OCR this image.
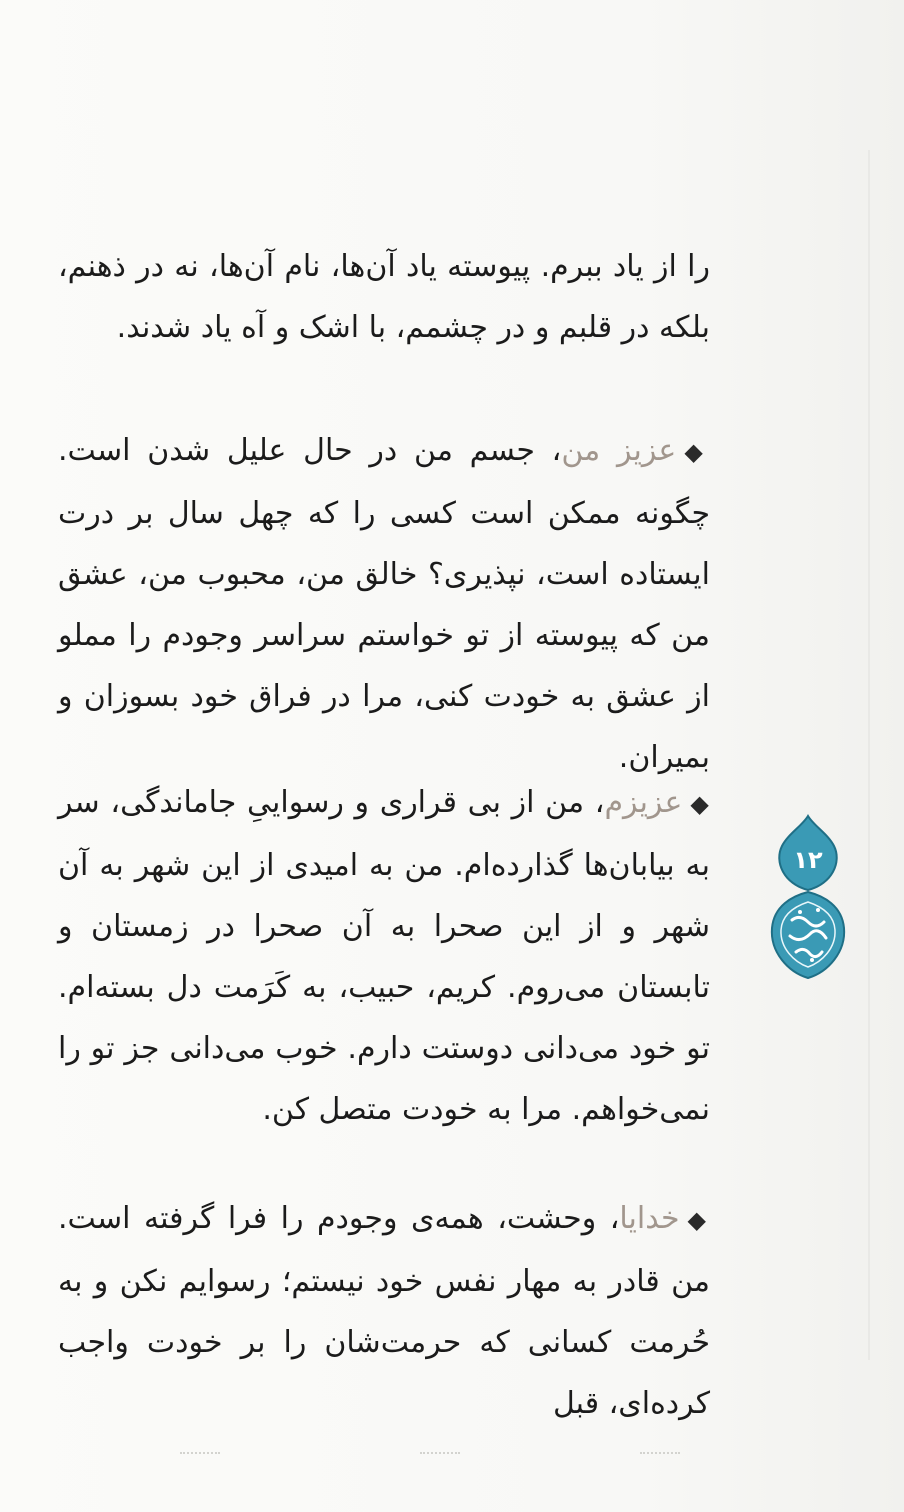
را از یاد ببرم. پیوسته یاد آن‌ها، نام آن‌ها، نه در ذهنم، بلکه در قلبم و در چشمم، با اشک و آه یاد شدند.

◆عزیز من، جسم من در حال علیل شدن است. چگونه ممکن است کسی را که چهل سال بر درت ایستاده است، نپذیری؟ خالق من، محبوب من، عشق من که پیوسته از تو خواستم سراسر وجودم را مملو از عشق به خودت کنی، مرا در فراق خود بسوزان و بمیران.

◆عزیزم، من از بی قراری و رسواییِ جاماندگی، سر به بیابان‌ها گذارده‌ام. من به امیدی از این شهر به آن شهر و از این صحرا به آن صحرا در زمستان و تابستان می‌روم. کریم، حبیب، به کَرَمت دل بسته‌ام. تو خود می‌دانی دوستت دارم. خوب می‌دانی جز تو را نمی‌خواهم. مرا به خودت متصل کن.

◆خدایا، وحشت، همه‌ی وجودم را فرا گرفته است. من قادر به مهار نفس خود نیستم؛ رسوایم نکن و به حُرمت کسانی که حرمت‌شان را بر خودت واجب کرده‌ای، قبل

۱۲
